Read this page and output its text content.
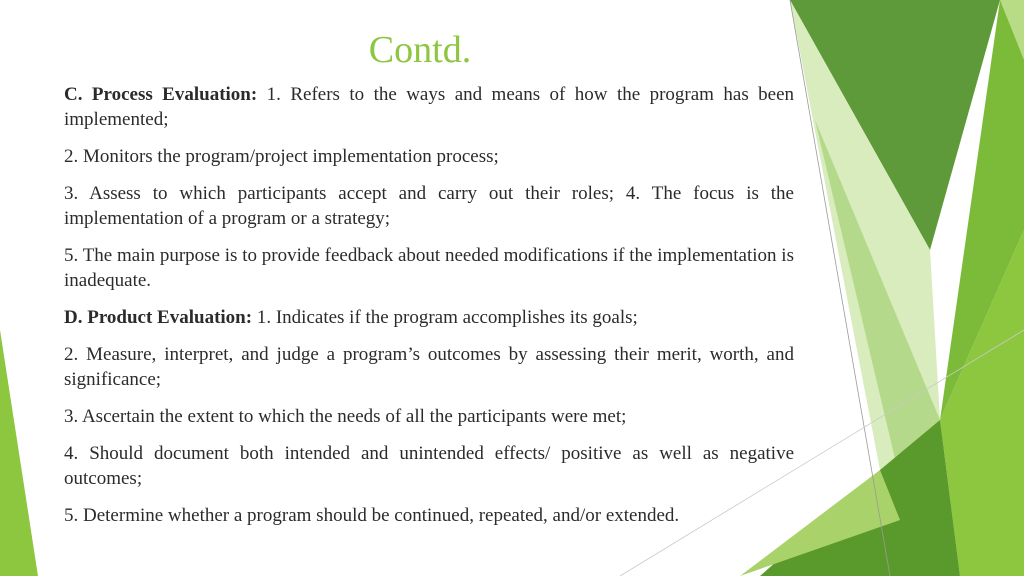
Contd.

C. Process Evaluation: 1. Refers to the ways and means of how the program has been implemented;

2. Monitors the program/project implementation process;

3. Assess to which participants accept and carry out their roles; 4. The focus is the implementation of a program or a strategy;

5. The main purpose is to provide feedback about needed modifications if the implementation is inadequate.

D. Product Evaluation: 1. Indicates if the program accomplishes its goals;

2. Measure, interpret, and judge a program’s outcomes by assessing their merit, worth, and significance;

3. Ascertain the extent to which the needs of all the participants were met;

4. Should document both intended and unintended effects/ positive as well as negative outcomes;

5. Determine whether a program should be continued, repeated, and/or extended.
